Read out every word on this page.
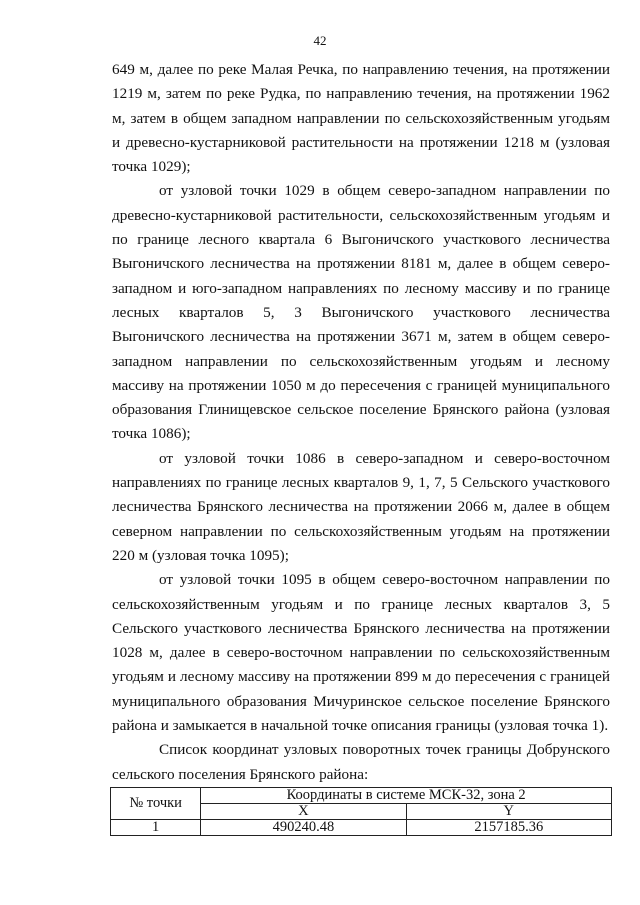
42

649 м, далее по реке Малая Речка, по направлению течения, на протяжении 1219 м, затем по реке Рудка, по направлению течения, на протяжении 1962 м, затем в общем западном направлении по сельскохозяйственным угодьям и древесно-кустарниковой растительности на протяжении 1218 м (узловая точка 1029);

от узловой точки 1029 в общем северо-западном направлении по древесно-кустарниковой растительности, сельскохозяйственным угодьям и по границе лесного квартала 6 Выгоничского участкового лесничества Выгоничского лесничества на протяжении 8181 м, далее в общем северо-западном и юго-западном направлениях по лесному массиву и по границе лесных кварталов 5, 3 Выгоничского участкового лесничества Выгоничского лесничества на протяжении 3671 м, затем в общем северо-западном направлении по сельскохозяйственным угодьям и лесному массиву на протяжении 1050 м до пересечения с границей муниципального образования Глинищевское сельское поселение Брянского района (узловая точка 1086);

от узловой точки 1086 в северо-западном и северо-восточном направлениях по границе лесных кварталов 9, 1, 7, 5 Сельского участкового лесничества Брянского лесничества на протяжении 2066 м, далее в общем северном направлении по сельскохозяйственным угодьям на протяжении 220 м (узловая точка 1095);

от узловой точки 1095 в общем северо-восточном направлении по сельскохозяйственным угодьям и по границе лесных кварталов 3, 5 Сельского участкового лесничества Брянского лесничества на протяжении 1028 м, далее в северо-восточном направлении по сельскохозяйственным угодьям и лесному массиву на протяжении 899 м до пересечения с границей муниципального образования Мичуринское сельское поселение Брянского района и замыкается в начальной точке описания границы (узловая точка 1).

Список координат узловых поворотных точек границы Добрунского сельского поселения Брянского района:

№ точки	Координаты в системе МСК-32, зона 2	
	X	Y
1	490240.48	2157185.36
